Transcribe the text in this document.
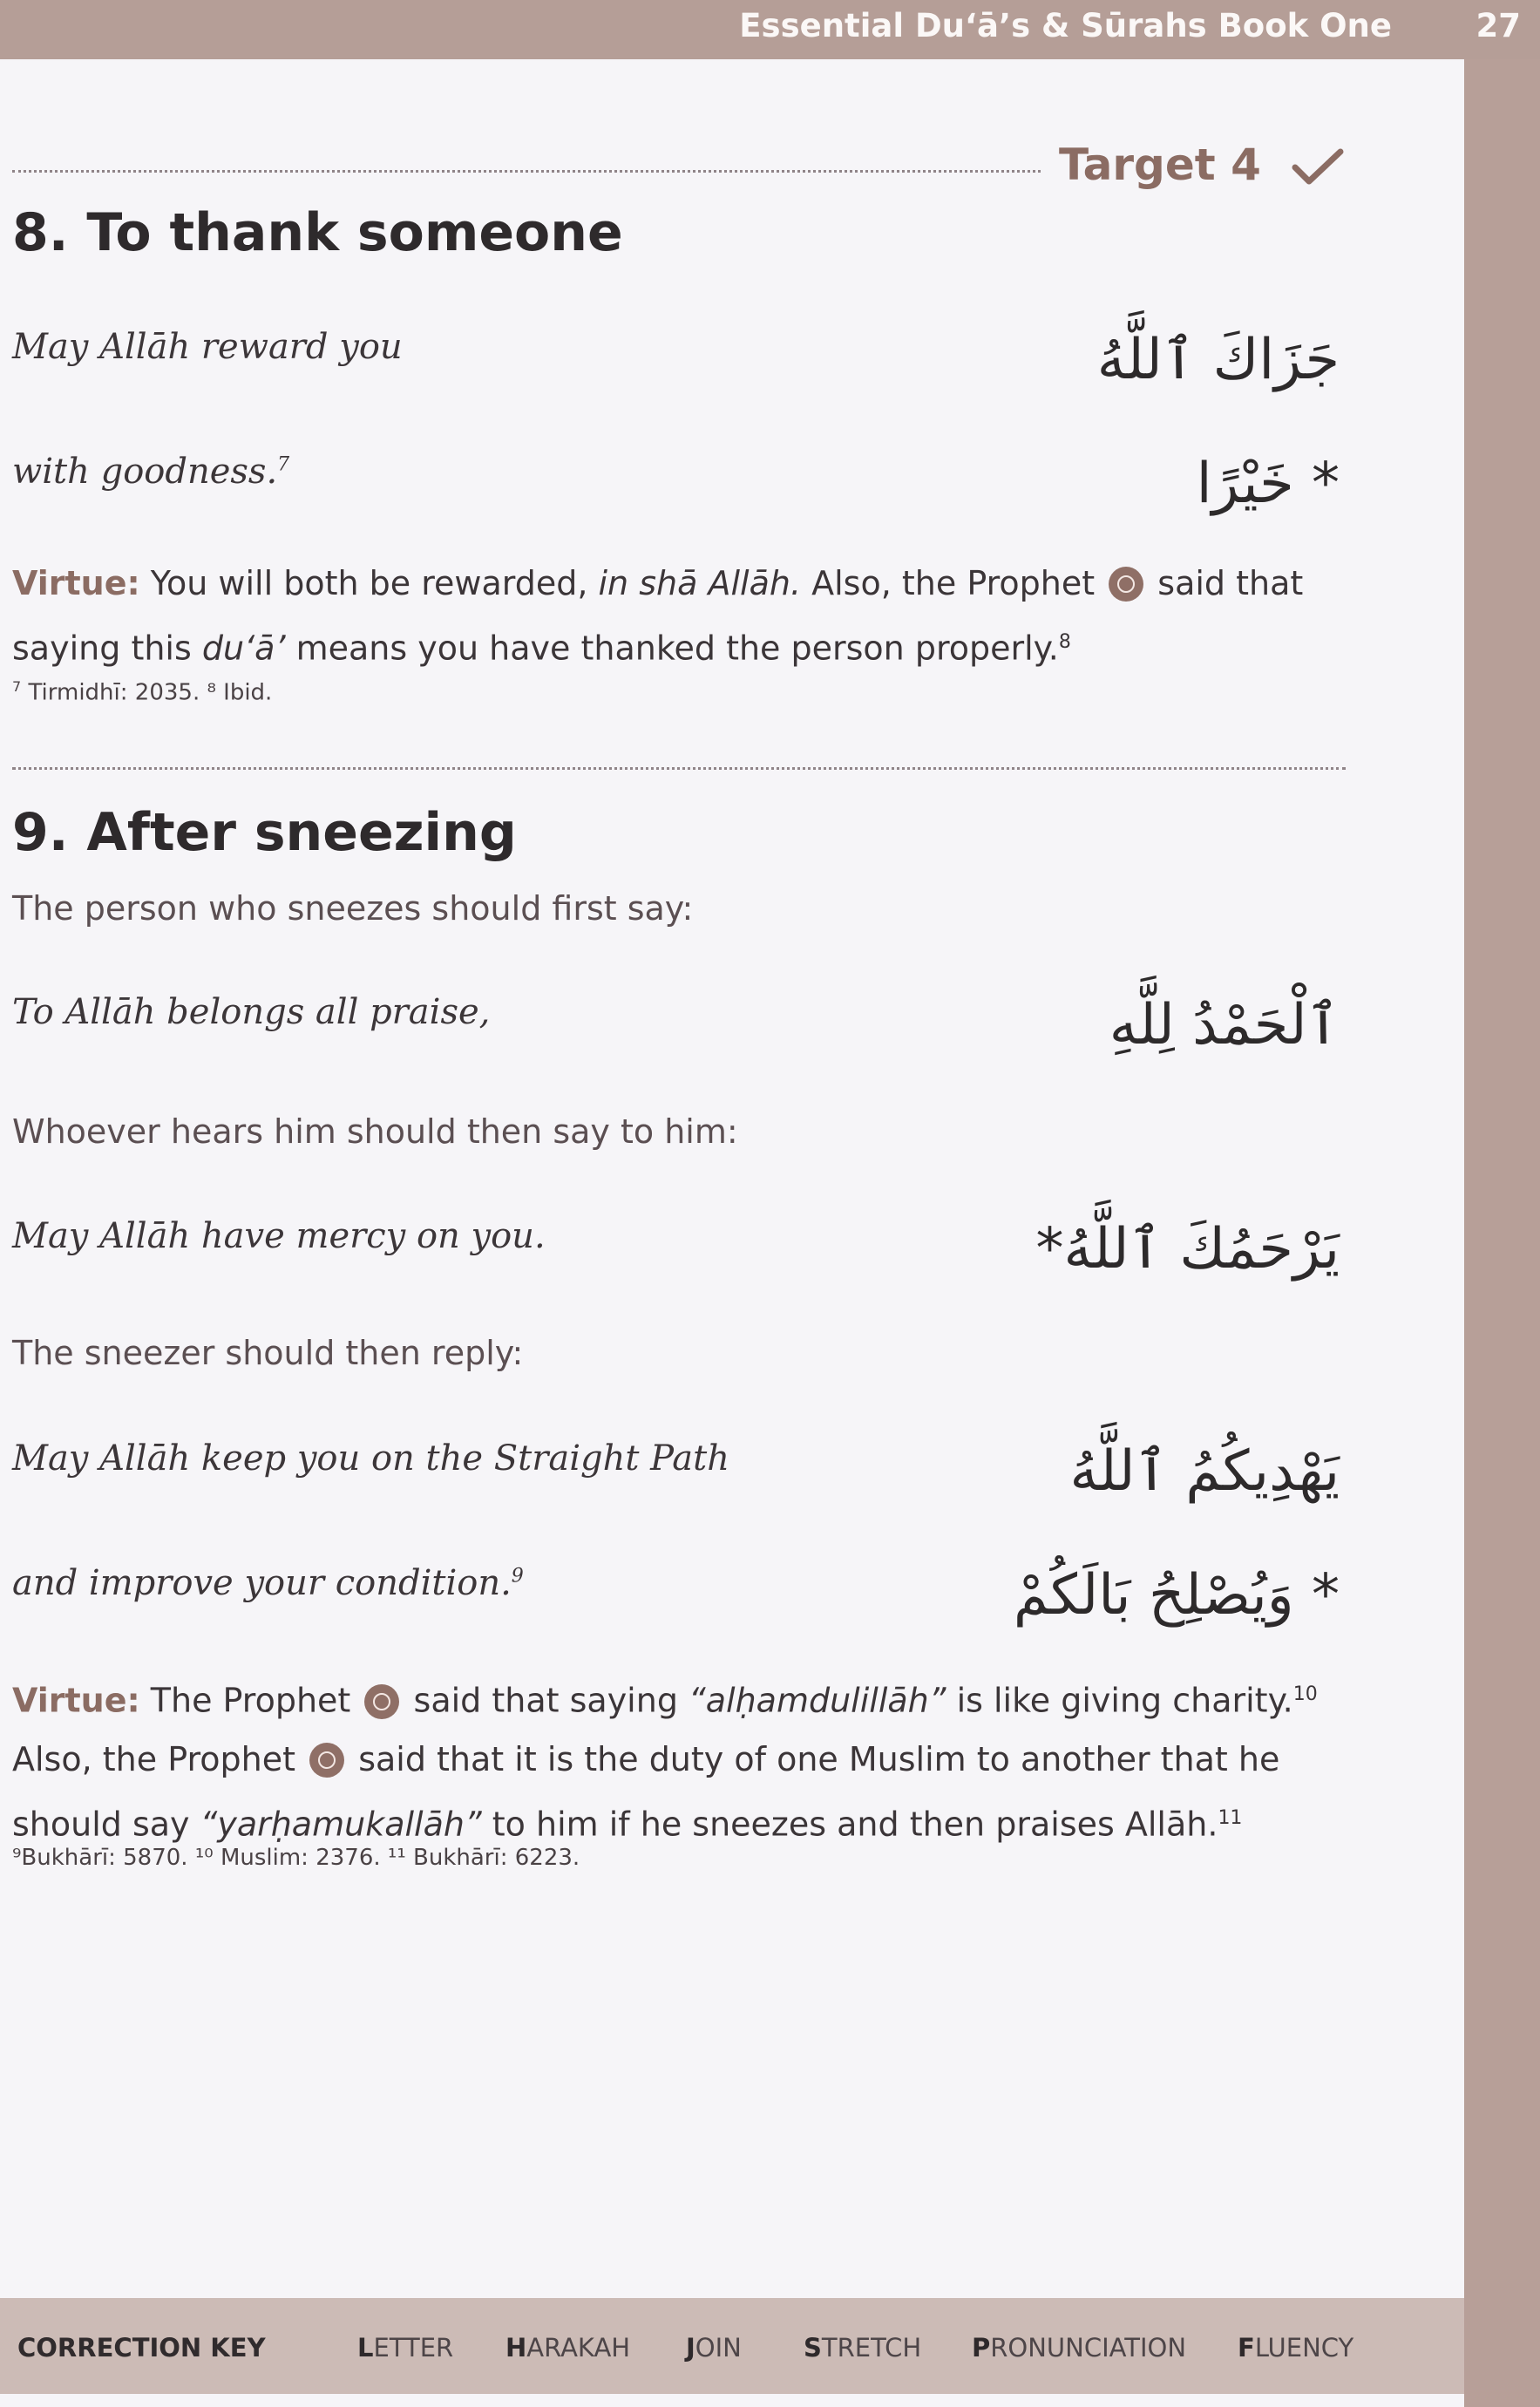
Essential Du‘ā’s & Sūrahs Book One	27
Target 4
8. To thank someone
May Allāh reward you	جَزَاكَ ٱللَّهُ
with goodness.$^7$	* خَيْرًا
Virtue: You will both be rewarded, in shā Allāh. Also, the Prophet said that saying this du‘ā’ means you have thanked the person properly.$^8$
$^7$ Tirmidhī: 2035. ⁸ Ibid.
9. After sneezing
The person who sneezes should first say:
To Allāh belongs all praise,	ٱلْحَمْدُ لِلَّهِ
Whoever hears him should then say to him:
May Allāh have mercy on you.	يَرْحَمُكَ ٱللَّهُ*
The sneezer should then reply:
May Allāh keep you on the Straight Path	يَهْدِيكُمُ ٱللَّهُ
and improve your condition.$^9$	* وَيُصْلِحُ بَالَكُمْ
Virtue: The Prophet said that saying “alḥamdulillāh” is like giving charity.$^{10}$ Also, the Prophet said that it is the duty of one Muslim to another that he should say “yarḥamukallāh” to him if he sneezes and then praises Allāh.$^{11}$
⁹Bukhārī: 5870. ¹⁰ Muslim: 2376. ¹¹ Bukhārī: 6223.
CORRECTION KEY	LETTER HARAKAH JOIN STRETCH PRONUNCIATION FLUENCY
